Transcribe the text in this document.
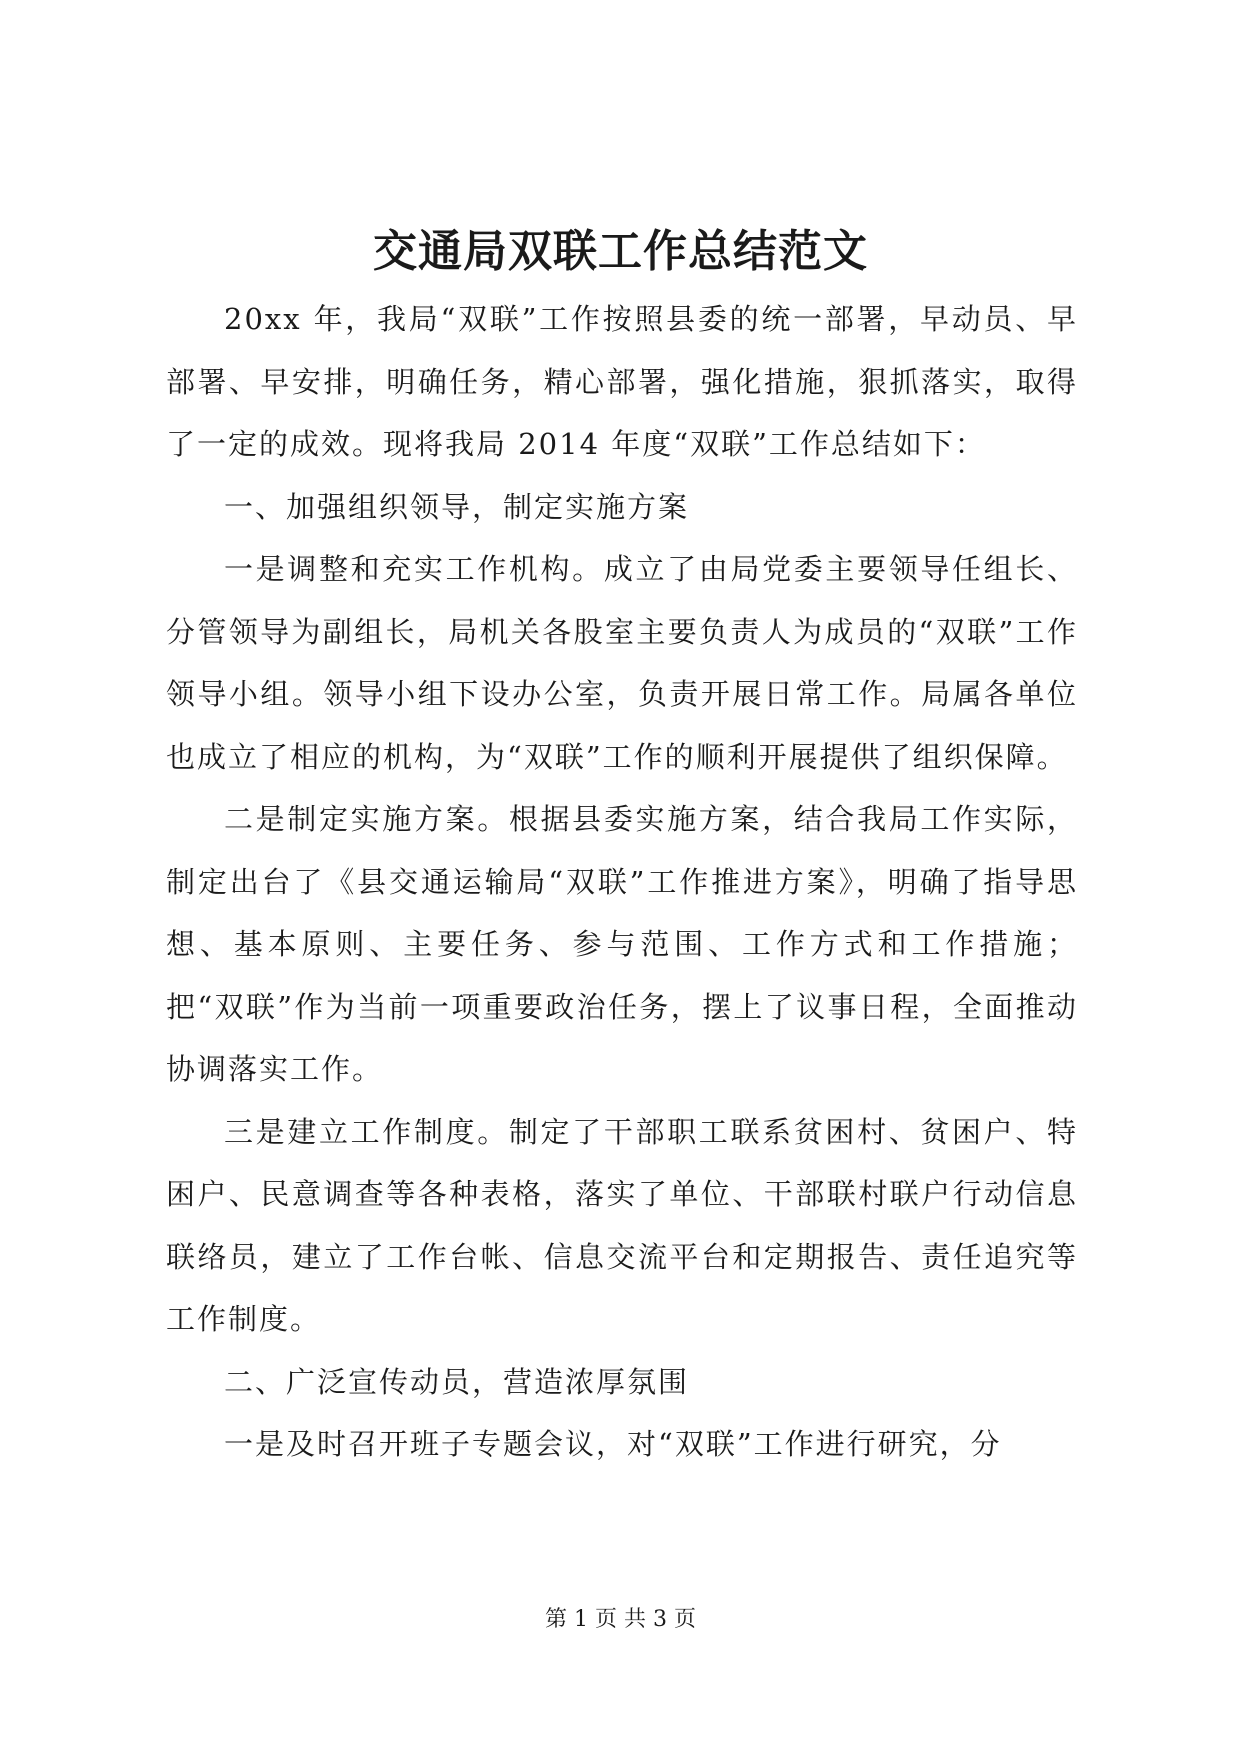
交通局双联工作总结范文

20xx 年，我局“双联”工作按照县委的统一部署，早动员、早部署、早安排，明确任务，精心部署，强化措施，狠抓落实，取得了一定的成效。现将我局 2014 年度“双联”工作总结如下：

一、加强组织领导，制定实施方案

一是调整和充实工作机构。成立了由局党委主要领导任组长、分管领导为副组长，局机关各股室主要负责人为成员的“双联”工作领导小组。领导小组下设办公室，负责开展日常工作。局属各单位也成立了相应的机构，为“双联”工作的顺利开展提供了组织保障。

二是制定实施方案。根据县委实施方案，结合我局工作实际，制定出台了《县交通运输局“双联”工作推进方案》，明确了指导思想、基本原则、主要任务、参与范围、工作方式和工作措施；把“双联”作为当前一项重要政治任务，摆上了议事日程，全面推动协调落实工作。

三是建立工作制度。制定了干部职工联系贫困村、贫困户、特困户、民意调查等各种表格，落实了单位、干部联村联户行动信息联络员，建立了工作台帐、信息交流平台和定期报告、责任追究等工作制度。

二、广泛宣传动员，营造浓厚氛围

一是及时召开班子专题会议，对“双联”工作进行研究，分

第 1 页 共 3 页
